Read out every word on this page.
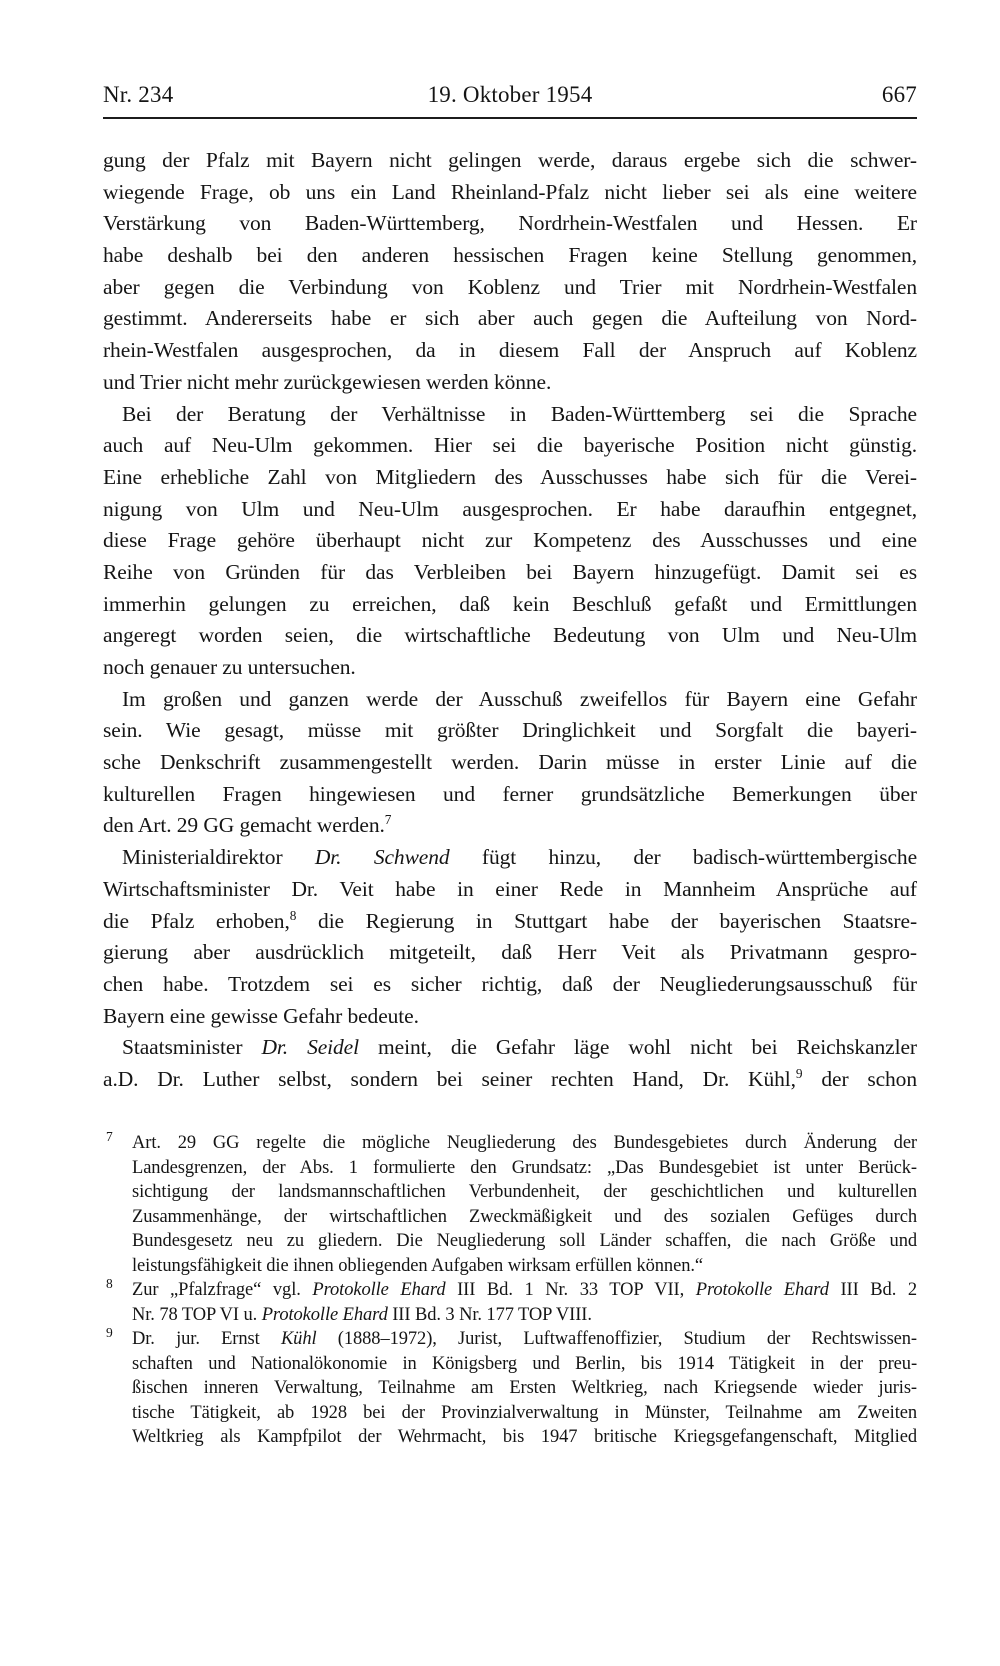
Nr. 234	19. Oktober 1954	667
gung der Pfalz mit Bayern nicht gelingen werde, daraus ergebe sich die schwer-
wiegende Frage, ob uns ein Land Rheinland-Pfalz nicht lieber sei als eine weitere
Verstärkung von Baden-Württemberg, Nordrhein-Westfalen und Hessen. Er
habe deshalb bei den anderen hessischen Fragen keine Stellung genommen,
aber gegen die Verbindung von Koblenz und Trier mit Nordrhein-Westfalen
gestimmt. Andererseits habe er sich aber auch gegen die Aufteilung von Nord-
rhein-Westfalen ausgesprochen, da in diesem Fall der Anspruch auf Koblenz
und Trier nicht mehr zurückgewiesen werden könne.
Bei der Beratung der Verhältnisse in Baden-Württemberg sei die Sprache
auch auf Neu-Ulm gekommen. Hier sei die bayerische Position nicht günstig.
Eine erhebliche Zahl von Mitgliedern des Ausschusses habe sich für die Verei-
nigung von Ulm und Neu-Ulm ausgesprochen. Er habe daraufhin entgegnet,
diese Frage gehöre überhaupt nicht zur Kompetenz des Ausschusses und eine
Reihe von Gründen für das Verbleiben bei Bayern hinzugefügt. Damit sei es
immerhin gelungen zu erreichen, daß kein Beschluß gefaßt und Ermittlungen
angeregt worden seien, die wirtschaftliche Bedeutung von Ulm und Neu-Ulm
noch genauer zu untersuchen.
Im großen und ganzen werde der Ausschuß zweifellos für Bayern eine Gefahr
sein. Wie gesagt, müsse mit größter Dringlichkeit und Sorgfalt die bayeri-
sche Denkschrift zusammengestellt werden. Darin müsse in erster Linie auf die
kulturellen Fragen hingewiesen und ferner grundsätzliche Bemerkungen über
den Art. 29 GG gemacht werden.$^7$
Ministerialdirektor Dr. Schwend fügt hinzu, der badisch-württembergische
Wirtschaftsminister Dr. Veit habe in einer Rede in Mannheim Ansprüche auf
die Pfalz erhoben,$^8$ die Regierung in Stuttgart habe der bayerischen Staatsre-
gierung aber ausdrücklich mitgeteilt, daß Herr Veit als Privatmann gespro-
chen habe. Trotzdem sei es sicher richtig, daß der Neugliederungsausschuß für
Bayern eine gewisse Gefahr bedeute.
Staatsminister Dr. Seidel meint, die Gefahr läge wohl nicht bei Reichskanzler
a.D. Dr. Luther selbst, sondern bei seiner rechten Hand, Dr. Kühl,$^9$ der schon
7 Art. 29 GG regelte die mögliche Neugliederung des Bundesgebietes durch Änderung der
Landesgrenzen, der Abs. 1 formulierte den Grundsatz: „Das Bundesgebiet ist unter Berück-
sichtigung der landsmannschaftlichen Verbundenheit, der geschichtlichen und kulturellen
Zusammenhänge, der wirtschaftlichen Zweckmäßigkeit und des sozialen Gefüges durch
Bundesgesetz neu zu gliedern. Die Neugliederung soll Länder schaffen, die nach Größe und
leistungsfähigkeit die ihnen obliegenden Aufgaben wirksam erfüllen können.“
8 Zur „Pfalzfrage“ vgl. Protokolle Ehard III Bd. 1 Nr. 33 TOP VII, Protokolle Ehard III Bd. 2
Nr. 78 TOP VI u. Protokolle Ehard III Bd. 3 Nr. 177 TOP VIII.
9 Dr. jur. Ernst Kühl (1888–1972), Jurist, Luftwaffenoffizier, Studium der Rechtswissen-
schaften und Nationalökonomie in Königsberg und Berlin, bis 1914 Tätigkeit in der preu-
ßischen inneren Verwaltung, Teilnahme am Ersten Weltkrieg, nach Kriegsende wieder juris-
tische Tätigkeit, ab 1928 bei der Provinzialverwaltung in Münster, Teilnahme am Zweiten
Weltkrieg als Kampfpilot der Wehrmacht, bis 1947 britische Kriegsgefangenschaft, Mitglied
